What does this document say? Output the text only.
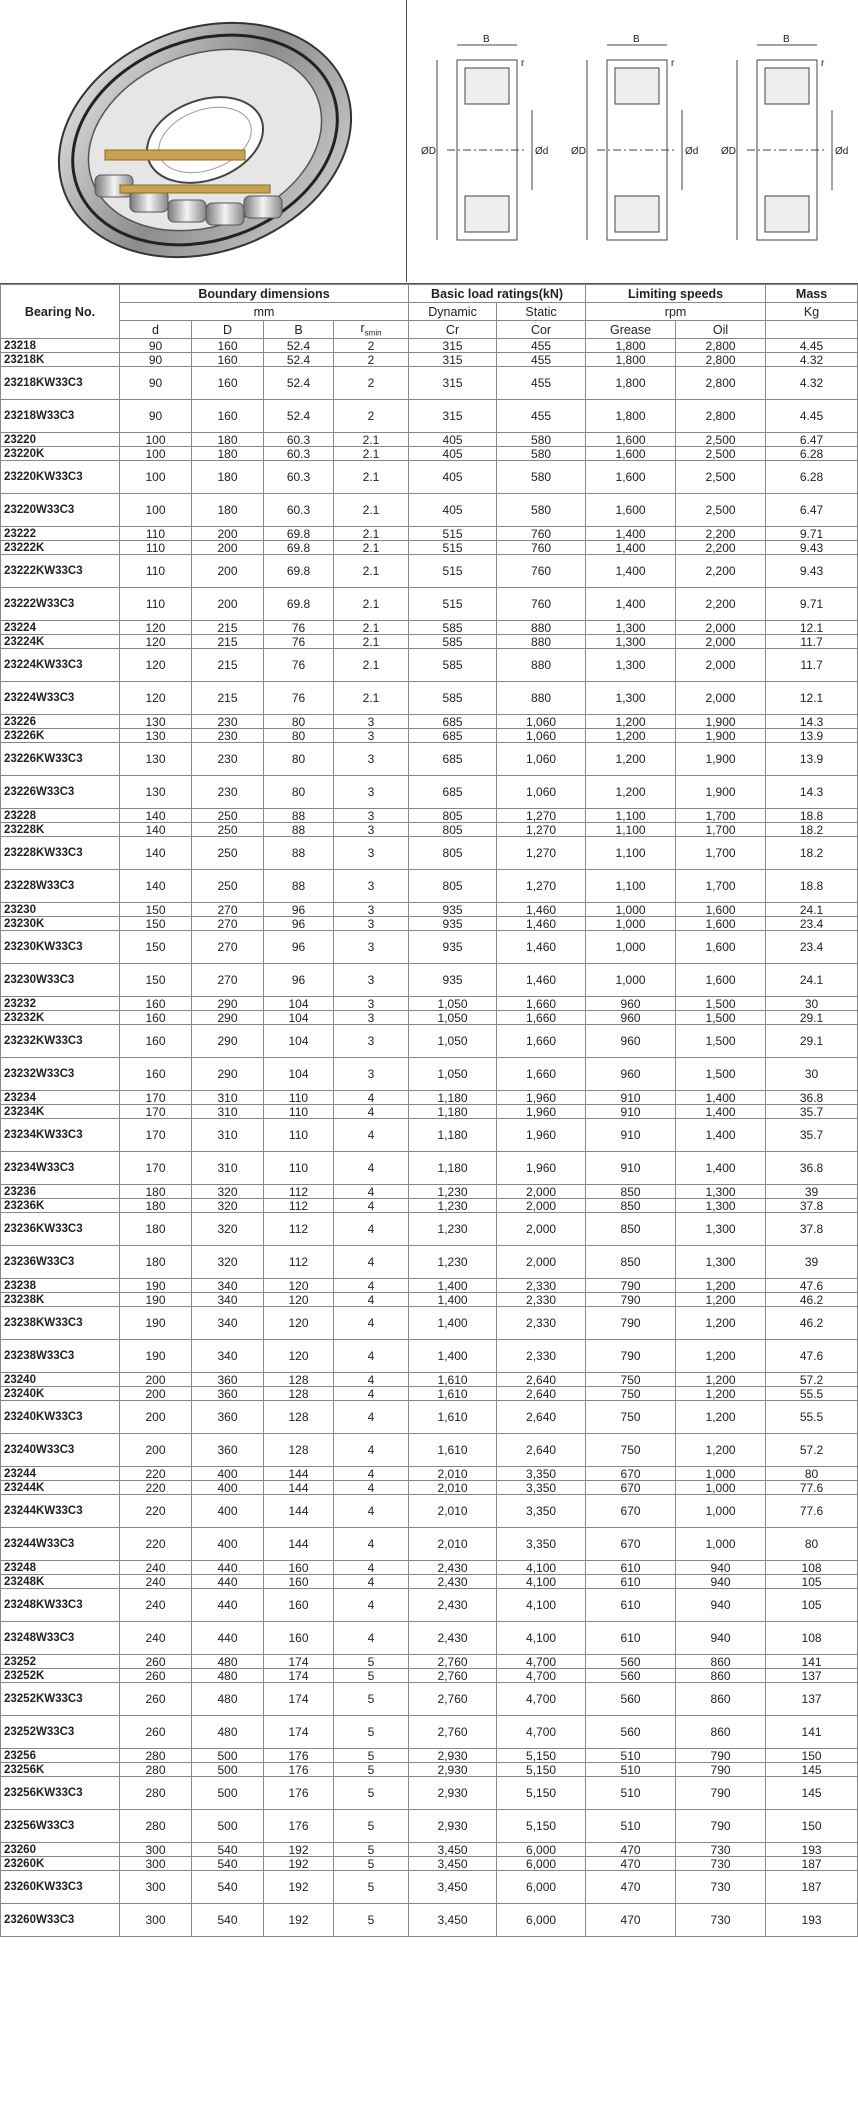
B
r
ØD	Ød
B
r
ØD	Ød
B
r
ØD	Ød
Bearing No.	Boundary dimensions				Basic load ratings(kN)		Limiting speeds		Mass
	mm				Dynamic	Static	rpm		Kg
	d	D	B	$r_{smin}$	Cr	Cor	Grease	Oil	
23218	90	160	52.4	2	315	455	1,800	2,800	4.45
23218K	90	160	52.4	2	315	455	1,800	2,800	4.32
23218KW33C3	90	160	52.4	2	315	455	1,800	2,800	4.32
23218W33C3	90	160	52.4	2	315	455	1,800	2,800	4.45
23220	100	180	60.3	2.1	405	580	1,600	2,500	6.47
23220K	100	180	60.3	2.1	405	580	1,600	2,500	6.28
23220KW33C3	100	180	60.3	2.1	405	580	1,600	2,500	6.28
23220W33C3	100	180	60.3	2.1	405	580	1,600	2,500	6.47
23222	110	200	69.8	2.1	515	760	1,400	2,200	9.71
23222K	110	200	69.8	2.1	515	760	1,400	2,200	9.43
23222KW33C3	110	200	69.8	2.1	515	760	1,400	2,200	9.43
23222W33C3	110	200	69.8	2.1	515	760	1,400	2,200	9.71
23224	120	215	76	2.1	585	880	1,300	2,000	12.1
23224K	120	215	76	2.1	585	880	1,300	2,000	11.7
23224KW33C3	120	215	76	2.1	585	880	1,300	2,000	11.7
23224W33C3	120	215	76	2.1	585	880	1,300	2,000	12.1
23226	130	230	80	3	685	1,060	1,200	1,900	14.3
23226K	130	230	80	3	685	1,060	1,200	1,900	13.9
23226KW33C3	130	230	80	3	685	1,060	1,200	1,900	13.9
23226W33C3	130	230	80	3	685	1,060	1,200	1,900	14.3
23228	140	250	88	3	805	1,270	1,100	1,700	18.8
23228K	140	250	88	3	805	1,270	1,100	1,700	18.2
23228KW33C3	140	250	88	3	805	1,270	1,100	1,700	18.2
23228W33C3	140	250	88	3	805	1,270	1,100	1,700	18.8
23230	150	270	96	3	935	1,460	1,000	1,600	24.1
23230K	150	270	96	3	935	1,460	1,000	1,600	23.4
23230KW33C3	150	270	96	3	935	1,460	1,000	1,600	23.4
23230W33C3	150	270	96	3	935	1,460	1,000	1,600	24.1
23232	160	290	104	3	1,050	1,660	960	1,500	30
23232K	160	290	104	3	1,050	1,660	960	1,500	29.1
23232KW33C3	160	290	104	3	1,050	1,660	960	1,500	29.1
23232W33C3	160	290	104	3	1,050	1,660	960	1,500	30
23234	170	310	110	4	1,180	1,960	910	1,400	36.8
23234K	170	310	110	4	1,180	1,960	910	1,400	35.7
23234KW33C3	170	310	110	4	1,180	1,960	910	1,400	35.7
23234W33C3	170	310	110	4	1,180	1,960	910	1,400	36.8
23236	180	320	112	4	1,230	2,000	850	1,300	39
23236K	180	320	112	4	1,230	2,000	850	1,300	37.8
23236KW33C3	180	320	112	4	1,230	2,000	850	1,300	37.8
23236W33C3	180	320	112	4	1,230	2,000	850	1,300	39
23238	190	340	120	4	1,400	2,330	790	1,200	47.6
23238K	190	340	120	4	1,400	2,330	790	1,200	46.2
23238KW33C3	190	340	120	4	1,400	2,330	790	1,200	46.2
23238W33C3	190	340	120	4	1,400	2,330	790	1,200	47.6
23240	200	360	128	4	1,610	2,640	750	1,200	57.2
23240K	200	360	128	4	1,610	2,640	750	1,200	55.5
23240KW33C3	200	360	128	4	1,610	2,640	750	1,200	55.5
23240W33C3	200	360	128	4	1,610	2,640	750	1,200	57.2
23244	220	400	144	4	2,010	3,350	670	1,000	80
23244K	220	400	144	4	2,010	3,350	670	1,000	77.6
23244KW33C3	220	400	144	4	2,010	3,350	670	1,000	77.6
23244W33C3	220	400	144	4	2,010	3,350	670	1,000	80
23248	240	440	160	4	2,430	4,100	610	940	108
23248K	240	440	160	4	2,430	4,100	610	940	105
23248KW33C3	240	440	160	4	2,430	4,100	610	940	105
23248W33C3	240	440	160	4	2,430	4,100	610	940	108
23252	260	480	174	5	2,760	4,700	560	860	141
23252K	260	480	174	5	2,760	4,700	560	860	137
23252KW33C3	260	480	174	5	2,760	4,700	560	860	137
23252W33C3	260	480	174	5	2,760	4,700	560	860	141
23256	280	500	176	5	2,930	5,150	510	790	150
23256K	280	500	176	5	2,930	5,150	510	790	145
23256KW33C3	280	500	176	5	2,930	5,150	510	790	145
23256W33C3	280	500	176	5	2,930	5,150	510	790	150
23260	300	540	192	5	3,450	6,000	470	730	193
23260K	300	540	192	5	3,450	6,000	470	730	187
23260KW33C3	300	540	192	5	3,450	6,000	470	730	187
23260W33C3	300	540	192	5	3,450	6,000	470	730	193
